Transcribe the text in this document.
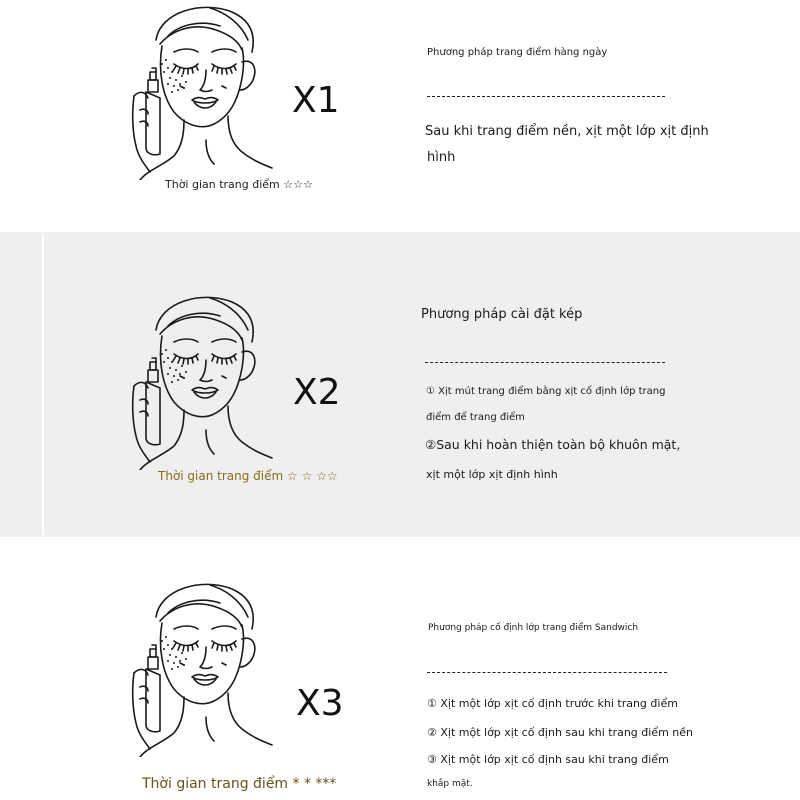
X1
Thời gian trang điểm ☆☆☆
Phương pháp trang điểm hàng ngày
Sau khi trang điểm nền, xịt một lớp xịt định
hình
X2
Thời gian trang điểm ☆ ☆ ☆☆
Phương pháp cài đặt kép
① Xịt mút trang điểm bằng xịt cố định lớp trang
điểm để trang điểm
②Sau khi hoàn thiện toàn bộ khuôn mặt,
xịt một lớp xịt định hình
X3
Thời gian trang điểm * * ***
Phương pháp cố định lớp trang điểm Sandwich
① Xịt một lớp xịt cố định trước khi trang điểm
② Xịt một lớp xịt cố định sau khi trang điểm nền
③ Xịt một lớp xịt cố định sau khi trang điểm
khắp mặt.
